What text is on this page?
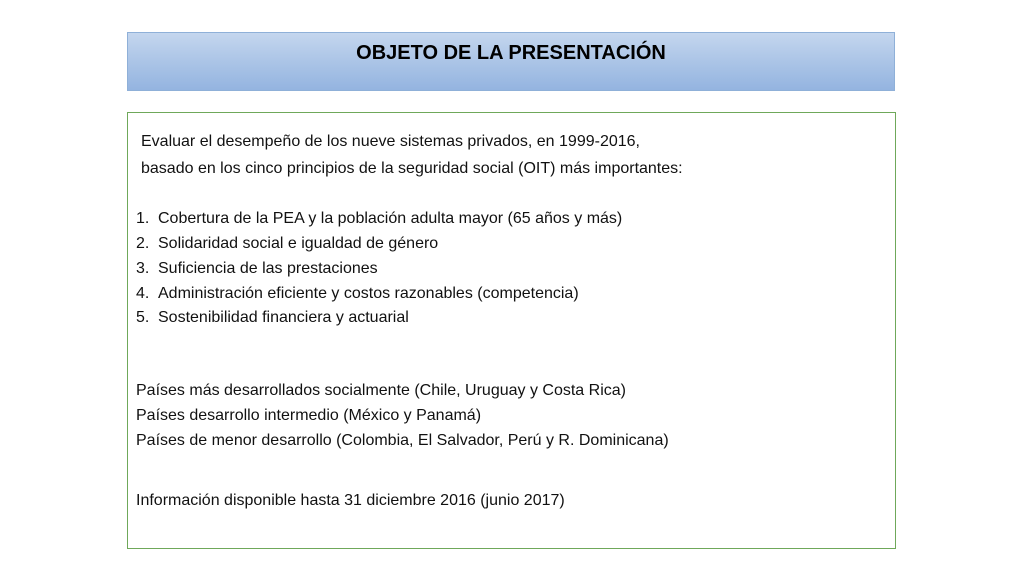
OBJETO DE LA PRESENTACIÓN
Evaluar el desempeño de los nueve sistemas privados, en 1999-2016,
basado en los cinco principios de la seguridad social (OIT) más importantes:
1. Cobertura de la PEA y la población adulta mayor (65 años y más)
2. Solidaridad social e igualdad de género
3. Suficiencia de las prestaciones
4. Administración eficiente y costos razonables (competencia)
5. Sostenibilidad financiera y actuarial
Países más desarrollados socialmente (Chile, Uruguay y Costa Rica)
Países desarrollo intermedio (México y Panamá)
Países de menor desarrollo (Colombia, El Salvador, Perú y R. Dominicana)
Información disponible hasta 31 diciembre 2016 (junio 2017)
